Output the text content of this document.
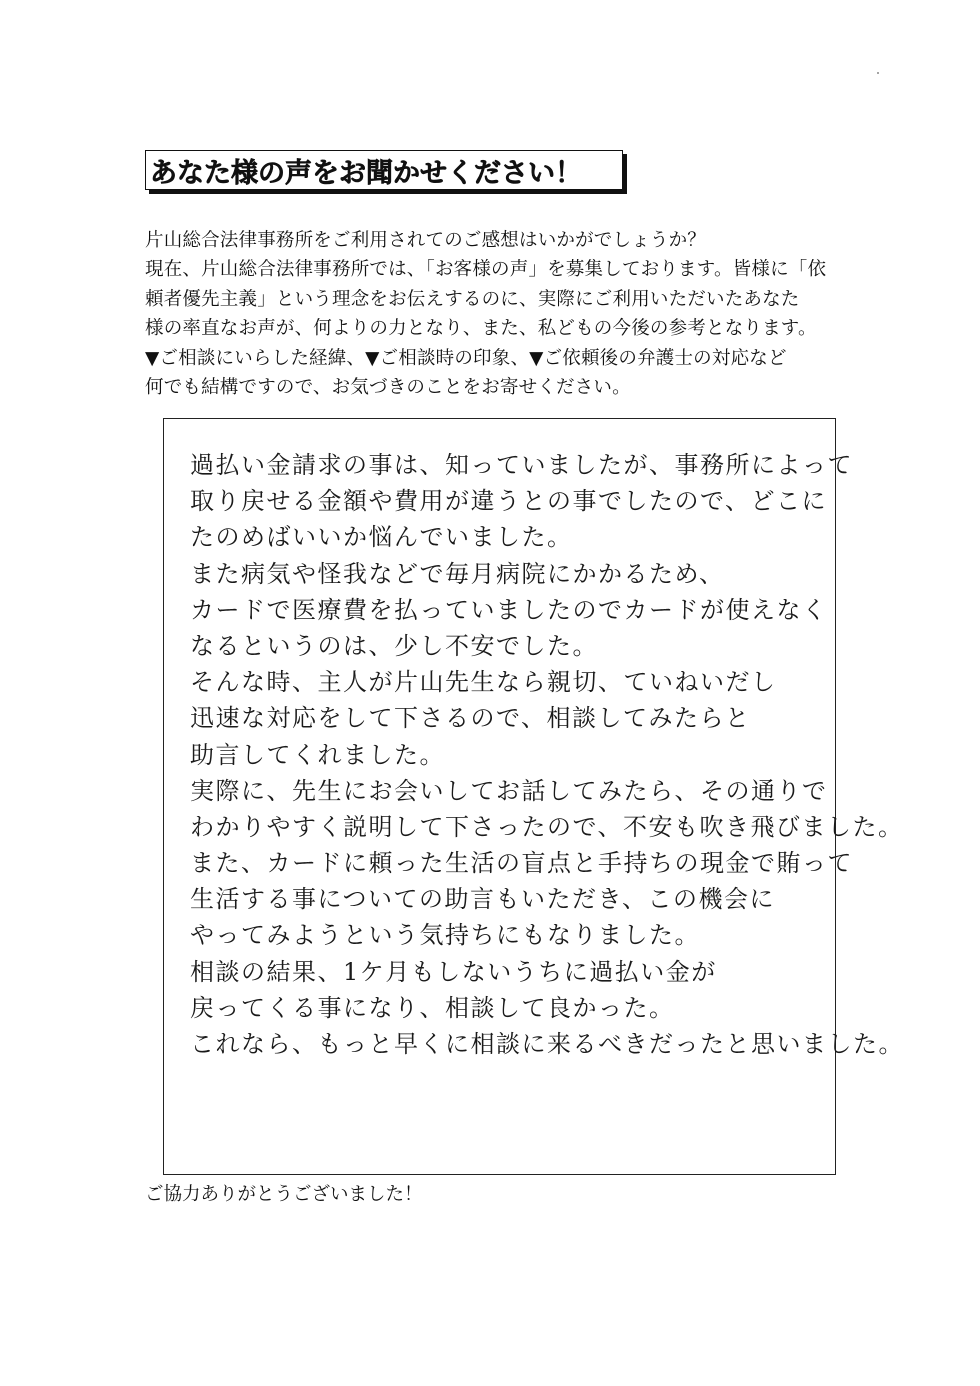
あなた様の声をお聞かせください！
片山総合法律事務所をご利用されてのご感想はいかがでしょうか？
現在、片山総合法律事務所では、「お客様の声」を募集しております。皆様に「依
頼者優先主義」という理念をお伝えするのに、実際にご利用いただいたあなた
様の率直なお声が、何よりの力となり、また、私どもの今後の参考となります。
▼ご相談にいらした経緯、▼ご相談時の印象、▼ご依頼後の弁護士の対応など
何でも結構ですので、お気づきのことをお寄せください。
過払い金請求の事は、知っていましたが、事務所によって
取り戻せる金額や費用が違うとの事でしたので、どこに
たのめばいいか悩んでいました。
また病気や怪我などで毎月病院にかかるため、
カードで医療費を払っていましたのでカードが使えなく
なるというのは、少し不安でした。
そんな時、主人が片山先生なら親切、ていねいだし
迅速な対応をして下さるので、相談してみたらと
助言してくれました。
実際に、先生にお会いしてお話してみたら、その通りで
わかりやすく説明して下さったので、不安も吹き飛びました。
また、カードに頼った生活の盲点と手持ちの現金で賄って
生活する事についての助言もいただき、この機会に
やってみようという気持ちにもなりました。
相談の結果、1ケ月もしないうちに過払い金が
戻ってくる事になり、相談して良かった。
これなら、もっと早くに相談に来るべきだったと思いました。
ご協力ありがとうございました！
